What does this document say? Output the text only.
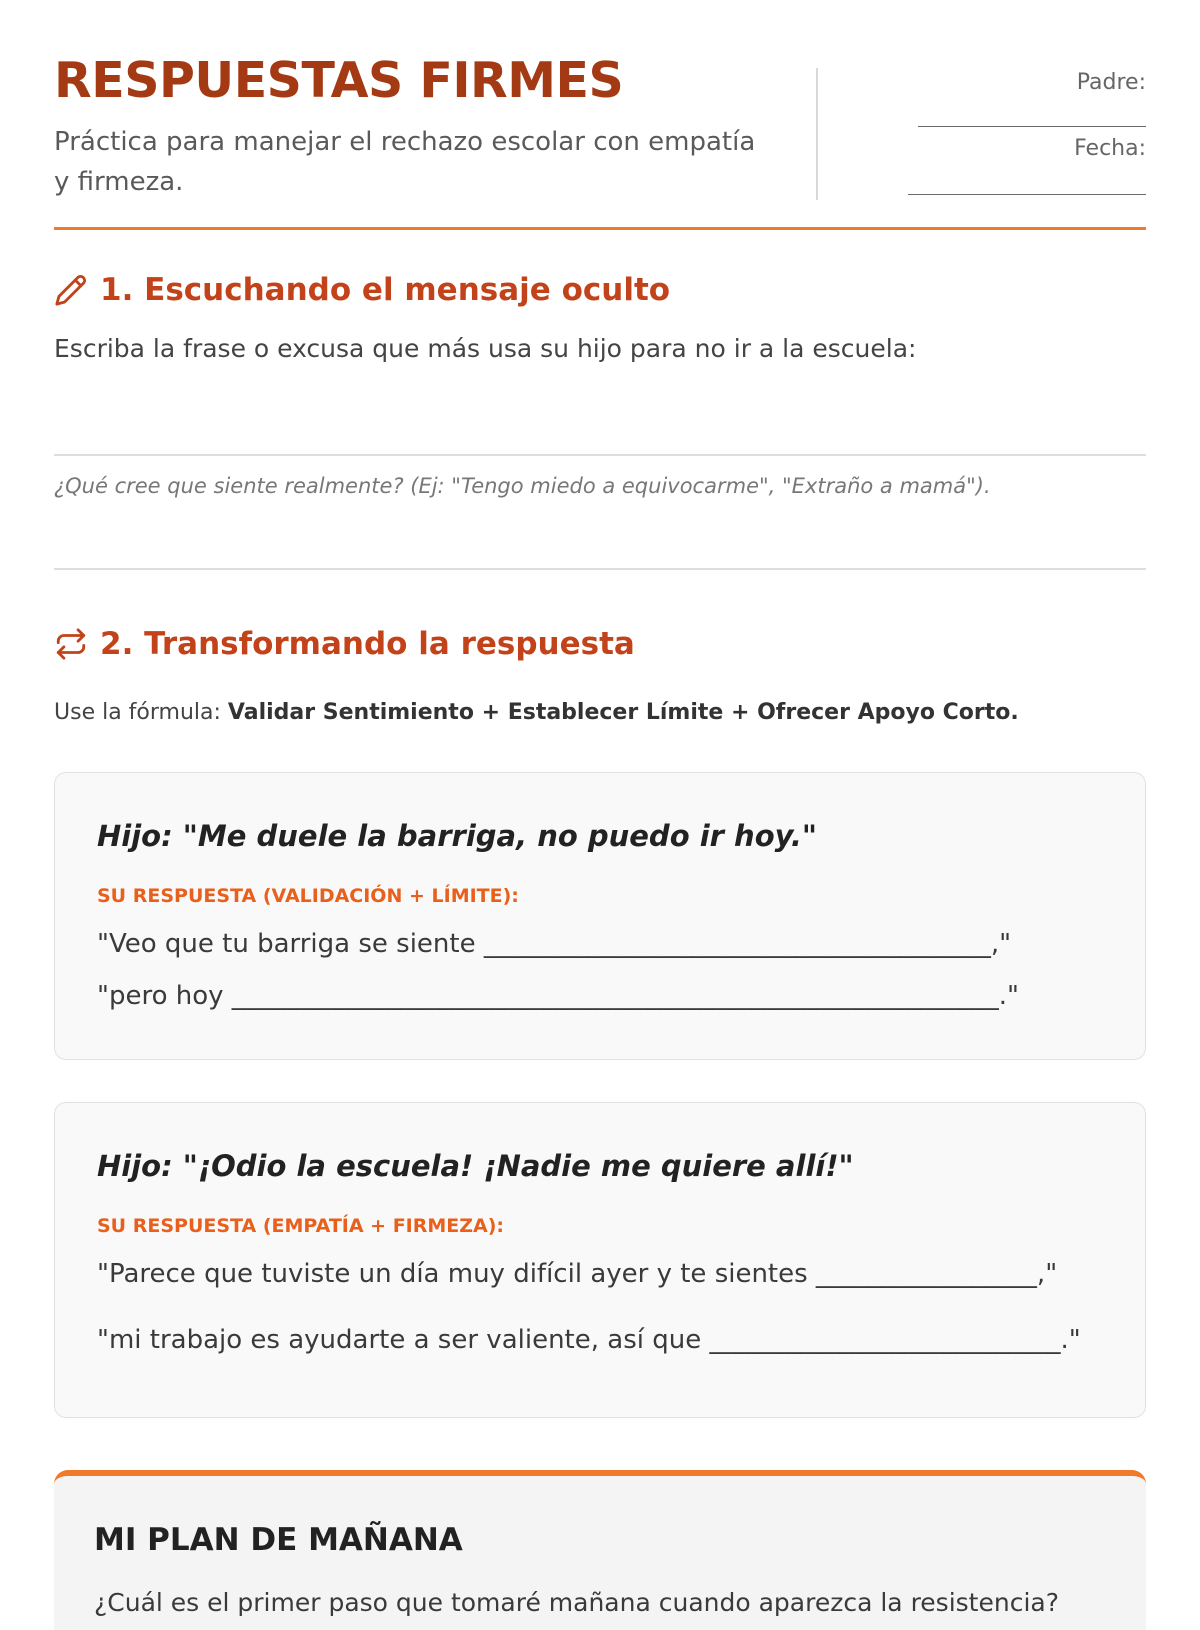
RESPUESTAS FIRMES

Práctica para manejar el rechazo escolar con empatía y firmeza.

Padre:
Fecha:
1. Escuchando el mensaje oculto
Escriba la frase o excusa que más usa su hijo para no ir a la escuela:
¿Qué cree que siente realmente? (Ej: "Tengo miedo a equivocarme", "Extraño a mamá").
2. Transformando la respuesta
Use la fórmula: Validar Sentimiento + Establecer Límite + Ofrecer Apoyo Corto.
Hijo: "Me duele la barriga, no puedo ir hoy."
SU RESPUESTA (VALIDACIÓN + LÍMITE):
"Veo que tu barriga se siente _______________________________________,"
"pero hoy ___________________________________________________________."
Hijo: "¡Odio la escuela! ¡Nadie me quiere allí!"
SU RESPUESTA (EMPATÍA + FIRMEZA):
"Parece que tuviste un día muy difícil ayer y te sientes _________________,"
"mi trabajo es ayudarte a ser valiente, así que ___________________________."
MI PLAN DE MAÑANA
¿Cuál es el primer paso que tomaré mañana cuando aparezca la resistencia?
